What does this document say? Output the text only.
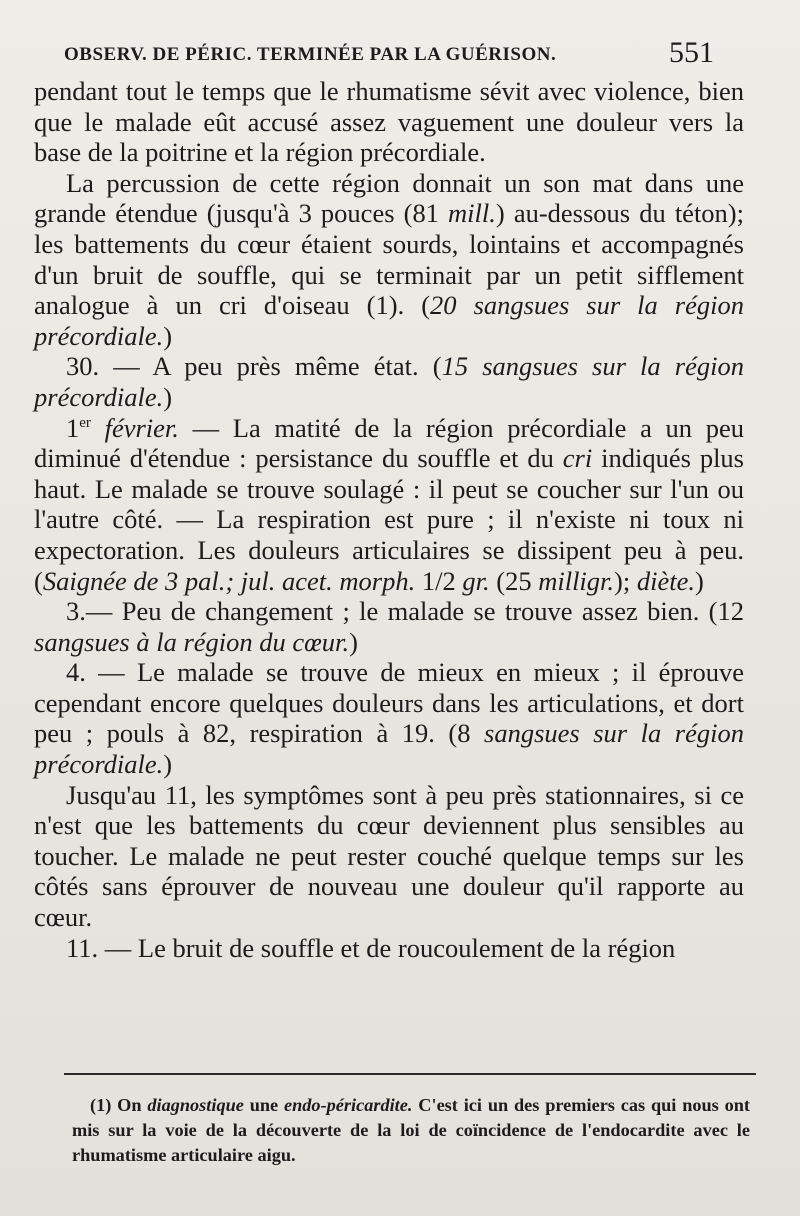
OBSERV. DE PÉRIC. TERMINÉE PAR LA GUÉRISON.	551

pendant tout le temps que le rhumatisme sévit avec violence, bien que le malade eût accusé assez vaguement une douleur vers la base de la poitrine et la région précordiale.

La percussion de cette région donnait un son mat dans une grande étendue (jusqu'à 3 pouces (81 mill.) au-dessous du téton); les battements du cœur étaient sourds, lointains et accompagnés d'un bruit de souffle, qui se terminait par un petit sifflement analogue à un cri d'oiseau (1). (20 sangsues sur la région précordiale.)

30. — A peu près même état. (15 sangsues sur la région précordiale.)

1er février. — La matité de la région précordiale a un peu diminué d'étendue : persistance du souffle et du cri indiqués plus haut. Le malade se trouve soulagé : il peut se coucher sur l'un ou l'autre côté. — La respiration est pure ; il n'existe ni toux ni expectoration. Les douleurs articulaires se dissipent peu à peu. (Saignée de 3 pal.; jul. acet. morph. 1/2 gr. (25 milligr.); diète.)

3.— Peu de changement ; le malade se trouve assez bien. (12 sangsues à la région du cœur.)

4. — Le malade se trouve de mieux en mieux ; il éprouve cependant encore quelques douleurs dans les articulations, et dort peu ; pouls à 82, respiration à 19. (8 sangsues sur la région précordiale.)

Jusqu'au 11, les symptômes sont à peu près stationnaires, si ce n'est que les battements du cœur deviennent plus sensibles au toucher. Le malade ne peut rester couché quelque temps sur les côtés sans éprouver de nouveau une douleur qu'il rapporte au cœur.

11. — Le bruit de souffle et de roucoulement de la région

(1) On diagnostique une endo-péricardite. C'est ici un des premiers cas qui nous ont mis sur la voie de la découverte de la loi de coïncidence de l'endocardite avec le rhumatisme articulaire aigu.
